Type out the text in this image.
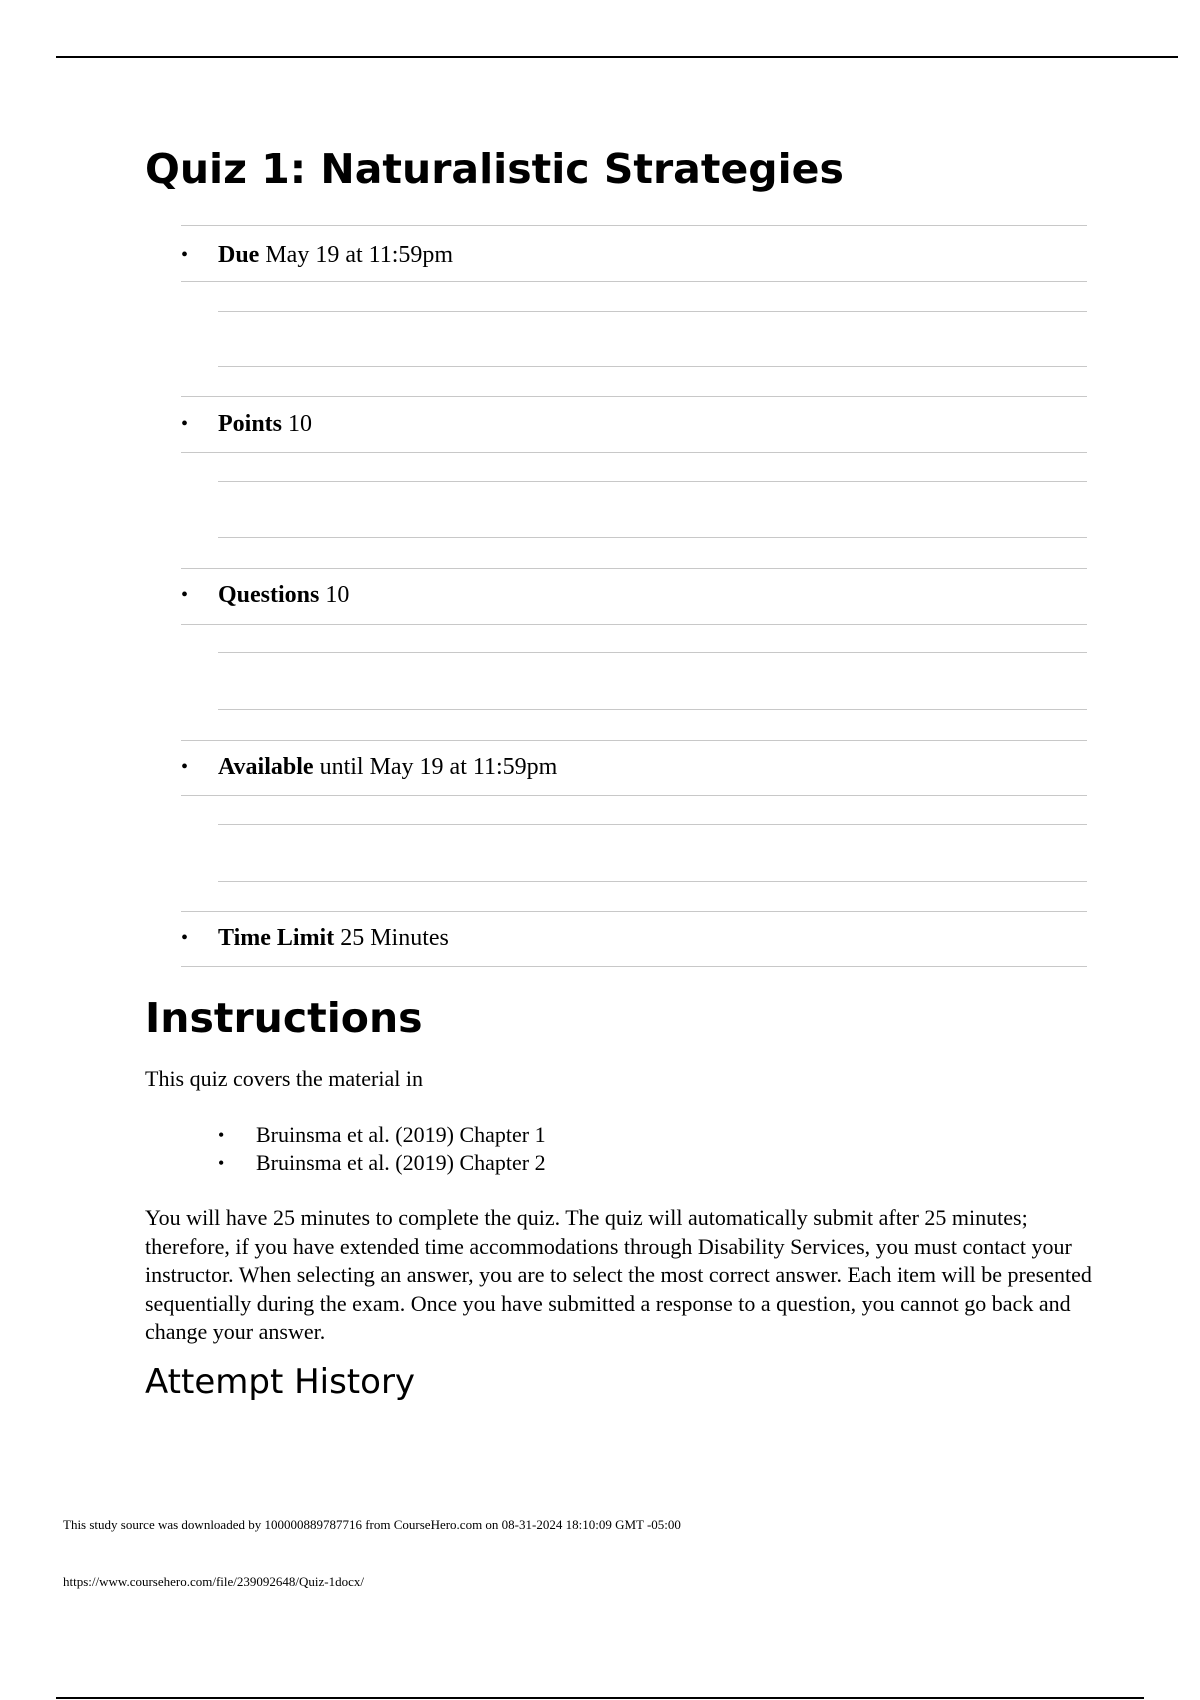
Quiz 1: Naturalistic Strategies
• Due May 19 at 11:59pm
• Points 10
• Questions 10
• Available until May 19 at 11:59pm
• Time Limit 25 Minutes
Instructions

This quiz covers the material in

• Bruinsma et al. (2019) Chapter 1
• Bruinsma et al. (2019) Chapter 2

You will have 25 minutes to complete the quiz. The quiz will automatically submit after 25 minutes; therefore, if you have extended time accommodations through Disability Services, you must contact your instructor. When selecting an answer, you are to select the most correct answer. Each item will be presented sequentially during the exam. Once you have submitted a response to a question, you cannot go back and change your answer.

Attempt History

This study source was downloaded by 100000889787716 from CourseHero.com on 08-31-2024 18:10:09 GMT -05:00

https://www.coursehero.com/file/239092648/Quiz-1docx/
